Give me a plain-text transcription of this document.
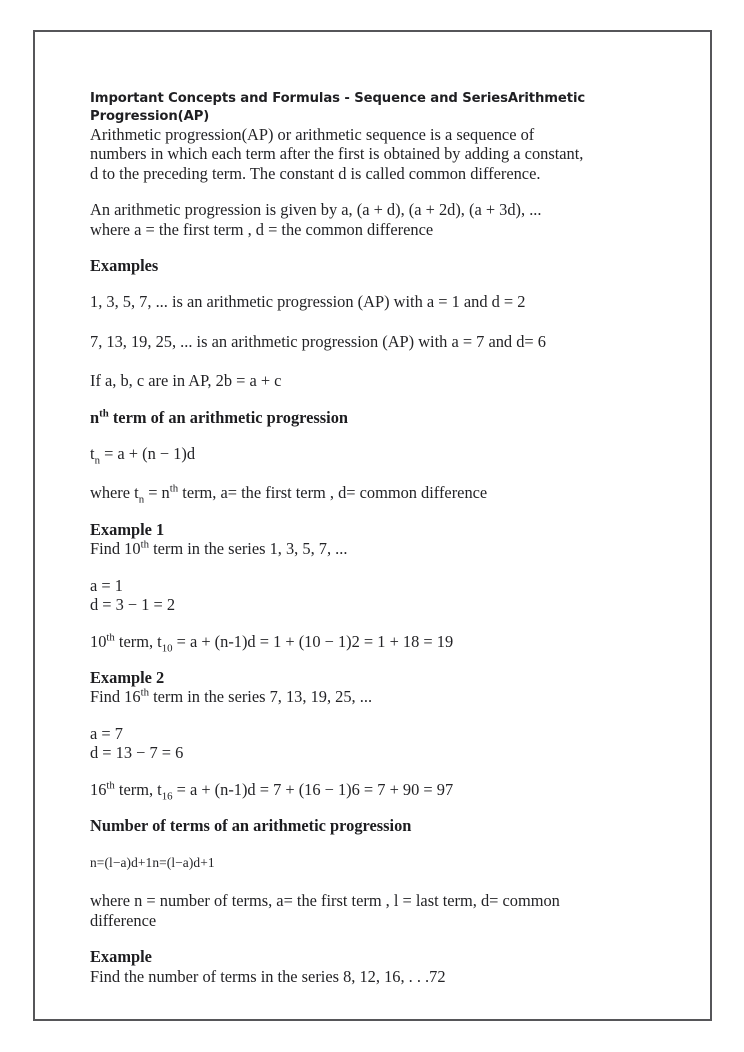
Important Concepts and Formulas - Sequence and SeriesArithmetic
Progression(AP)
Arithmetic progression(AP) or arithmetic sequence is a sequence of
numbers in which each term after the first is obtained by adding a constant,
d to the preceding term. The constant d is called common difference.
An arithmetic progression is given by a, (a + d), (a + 2d), (a + 3d), ...
where a = the first term , d = the common difference
Examples
1, 3, 5, 7, ... is an arithmetic progression (AP) with a = 1 and d = 2
7, 13, 19, 25, ... is an arithmetic progression (AP) with a = 7 and d= 6
If a, b, c are in AP, 2b = a + c
$n^{th}$ term of an arithmetic progression
$t_n = a + (n - 1)d$
where $t_n = n^{th}$ term, a= the first term , d= common difference
Example 1
Find 10th term in the series 1, 3, 5, 7, ...
a = 1
d = 3 − 1 = 2
10th term, $t_{10} = a + (n-1)d = 1 + (10 - 1)2 = 1 + 18 = 19$
Example 2
Find 16th term in the series 7, 13, 19, 25, ...
a = 7
d = 13 − 7 = 6
16th term, $t_{16} = a + (n-1)d = 7 + (16 - 1)6 = 7 + 90 = 97$
Number of terms of an arithmetic progression
n=(l−a)d+1n=(l−a)d+1
where n = number of terms, a= the first term , l = last term, d= common
difference
Example
Find the number of terms in the series 8, 12, 16, . . .72
